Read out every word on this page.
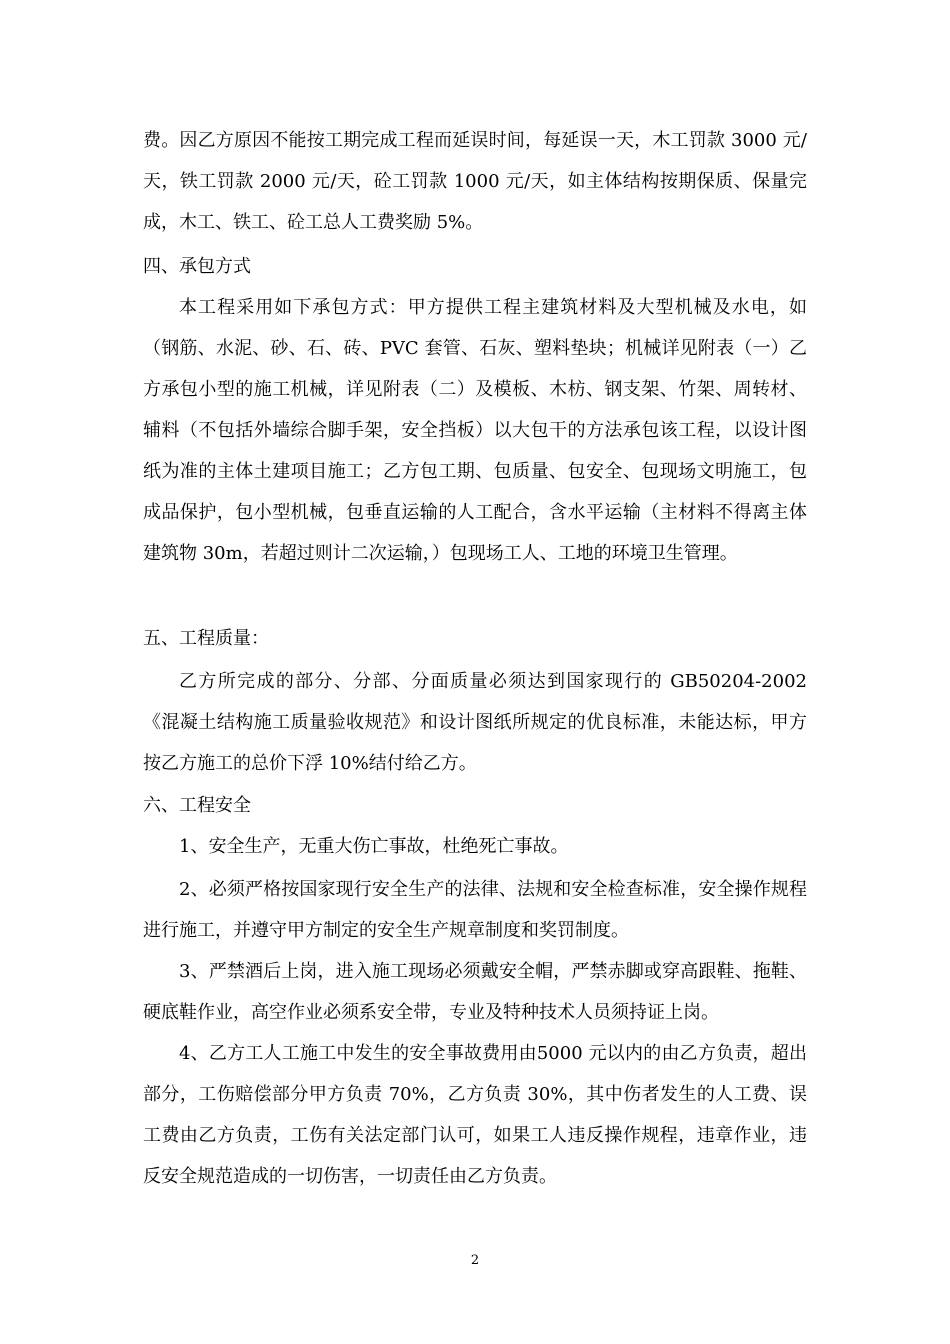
费。因乙方原因不能按工期完成工程而延误时间，每延误一天，木工罚款 3000 元/天，铁工罚款 2000 元/天，砼工罚款 1000 元/天，如主体结构按期保质、保量完成，木工、铁工、砼工总人工费奖励 5%。

四、承包方式

本工程采用如下承包方式：甲方提供工程主建筑材料及大型机械及水电，如（钢筋、水泥、砂、石、砖、PVC 套管、石灰、塑料垫块；机械详见附表（一）乙方承包小型的施工机械，详见附表（二）及模板、木枋、钢支架、竹架、周转材、辅料（不包括外墙综合脚手架，安全挡板）以大包干的方法承包该工程，以设计图纸为准的主体土建项目施工；乙方包工期、包质量、包安全、包现场文明施工，包成品保护，包小型机械，包垂直运输的人工配合，含水平运输（主材料不得离主体建筑物 30m，若超过则计二次运输，）包现场工人、工地的环境卫生管理。

五、工程质量：

乙方所完成的部分、分部、分面质量必须达到国家现行的 GB50204-2002《混凝土结构施工质量验收规范》和设计图纸所规定的优良标准，未能达标，甲方按乙方施工的总价下浮 10%结付给乙方。

六、工程安全

1、安全生产，无重大伤亡事故，杜绝死亡事故。

2、必须严格按国家现行安全生产的法律、法规和安全检查标准，安全操作规程进行施工，并遵守甲方制定的安全生产规章制度和奖罚制度。

3、严禁酒后上岗，进入施工现场必须戴安全帽，严禁赤脚或穿高跟鞋、拖鞋、硬底鞋作业，高空作业必须系安全带，专业及特种技术人员须持证上岗。

4、乙方工人工施工中发生的安全事故费用由5000 元以内的由乙方负责，超出部分，工伤赔偿部分甲方负责 70%，乙方负责 30%，其中伤者发生的人工费、误工费由乙方负责，工伤有关法定部门认可，如果工人违反操作规程，违章作业，违反安全规范造成的一切伤害，一切责任由乙方负责。

2
